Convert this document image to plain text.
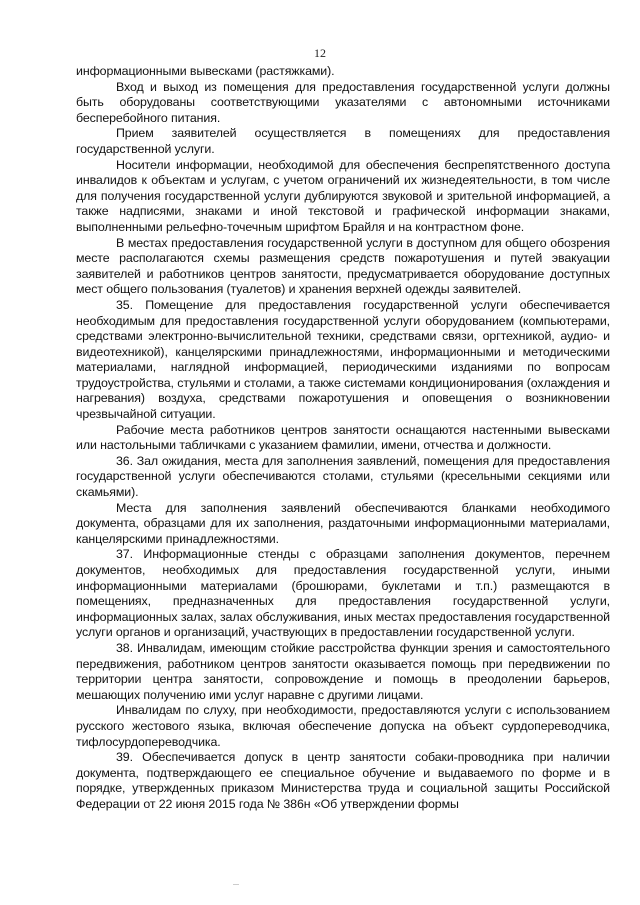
12

информационными вывесками (растяжками).

Вход и выход из помещения для предоставления государственной услуги должны быть оборудованы соответствующими указателями с автономными источниками бесперебойного питания.

Прием заявителей осуществляется в помещениях для предоставления государственной услуги.

Носители информации, необходимой для обеспечения беспрепятственного доступа инвалидов к объектам и услугам, с учетом ограничений их жизнедеятельности, в том числе для получения государственной услуги дублируются звуковой и зрительной информацией, а также надписями, знаками и иной текстовой и графической информации знаками, выполненными рельефно-точечным шрифтом Брайля и на контрастном фоне.

В местах предоставления государственной услуги в доступном для общего обозрения месте располагаются схемы размещения средств пожаротушения и путей эвакуации заявителей и работников центров занятости, предусматривается оборудование доступных мест общего пользования (туалетов) и хранения верхней одежды заявителей.

35. Помещение для предоставления государственной услуги обеспечивается необходимым для предоставления государственной услуги оборудованием (компьютерами, средствами электронно-вычислительной техники, средствами связи, оргтехникой, аудио- и видеотехникой), канцелярскими принадлежностями, информационными и методическими материалами, наглядной информацией, периодическими изданиями по вопросам трудоустройства, стульями и столами, а также системами кондиционирования (охлаждения и нагревания) воздуха, средствами пожаротушения и оповещения о возникновении чрезвычайной ситуации.

Рабочие места работников центров занятости оснащаются настенными вывесками или настольными табличками с указанием фамилии, имени, отчества и должности.

36. Зал ожидания, места для заполнения заявлений, помещения для предоставления государственной услуги обеспечиваются столами, стульями (кресельными секциями или скамьями).

Места для заполнения заявлений обеспечиваются бланками необходимого документа, образцами для их заполнения, раздаточными информационными материалами, канцелярскими принадлежностями.

37. Информационные стенды с образцами заполнения документов, перечнем документов, необходимых для предоставления государственной услуги, иными информационными материалами (брошюрами, буклетами и т.п.) размещаются в помещениях, предназначенных для предоставления государственной услуги, информационных залах, залах обслуживания, иных местах предоставления государственной услуги органов и организаций, участвующих в предоставлении государственной услуги.

38. Инвалидам, имеющим стойкие расстройства функции зрения и самостоятельного передвижения, работником центров занятости оказывается помощь при передвижении по территории центра занятости, сопровождение и помощь в преодолении барьеров, мешающих получению ими услуг наравне с другими лицами.

Инвалидам по слуху, при необходимости, предоставляются услуги с использованием русского жестового языка, включая обеспечение допуска на объект сурдопереводчика, тифлосурдопереводчика.

39. Обеспечивается допуск в центр занятости собаки-проводника при наличии документа, подтверждающего ее специальное обучение и выдаваемого по форме и в порядке, утвержденных приказом Министерства труда и социальной защиты Российской Федерации от 22 июня 2015 года № 386н «Об утверждении формы
